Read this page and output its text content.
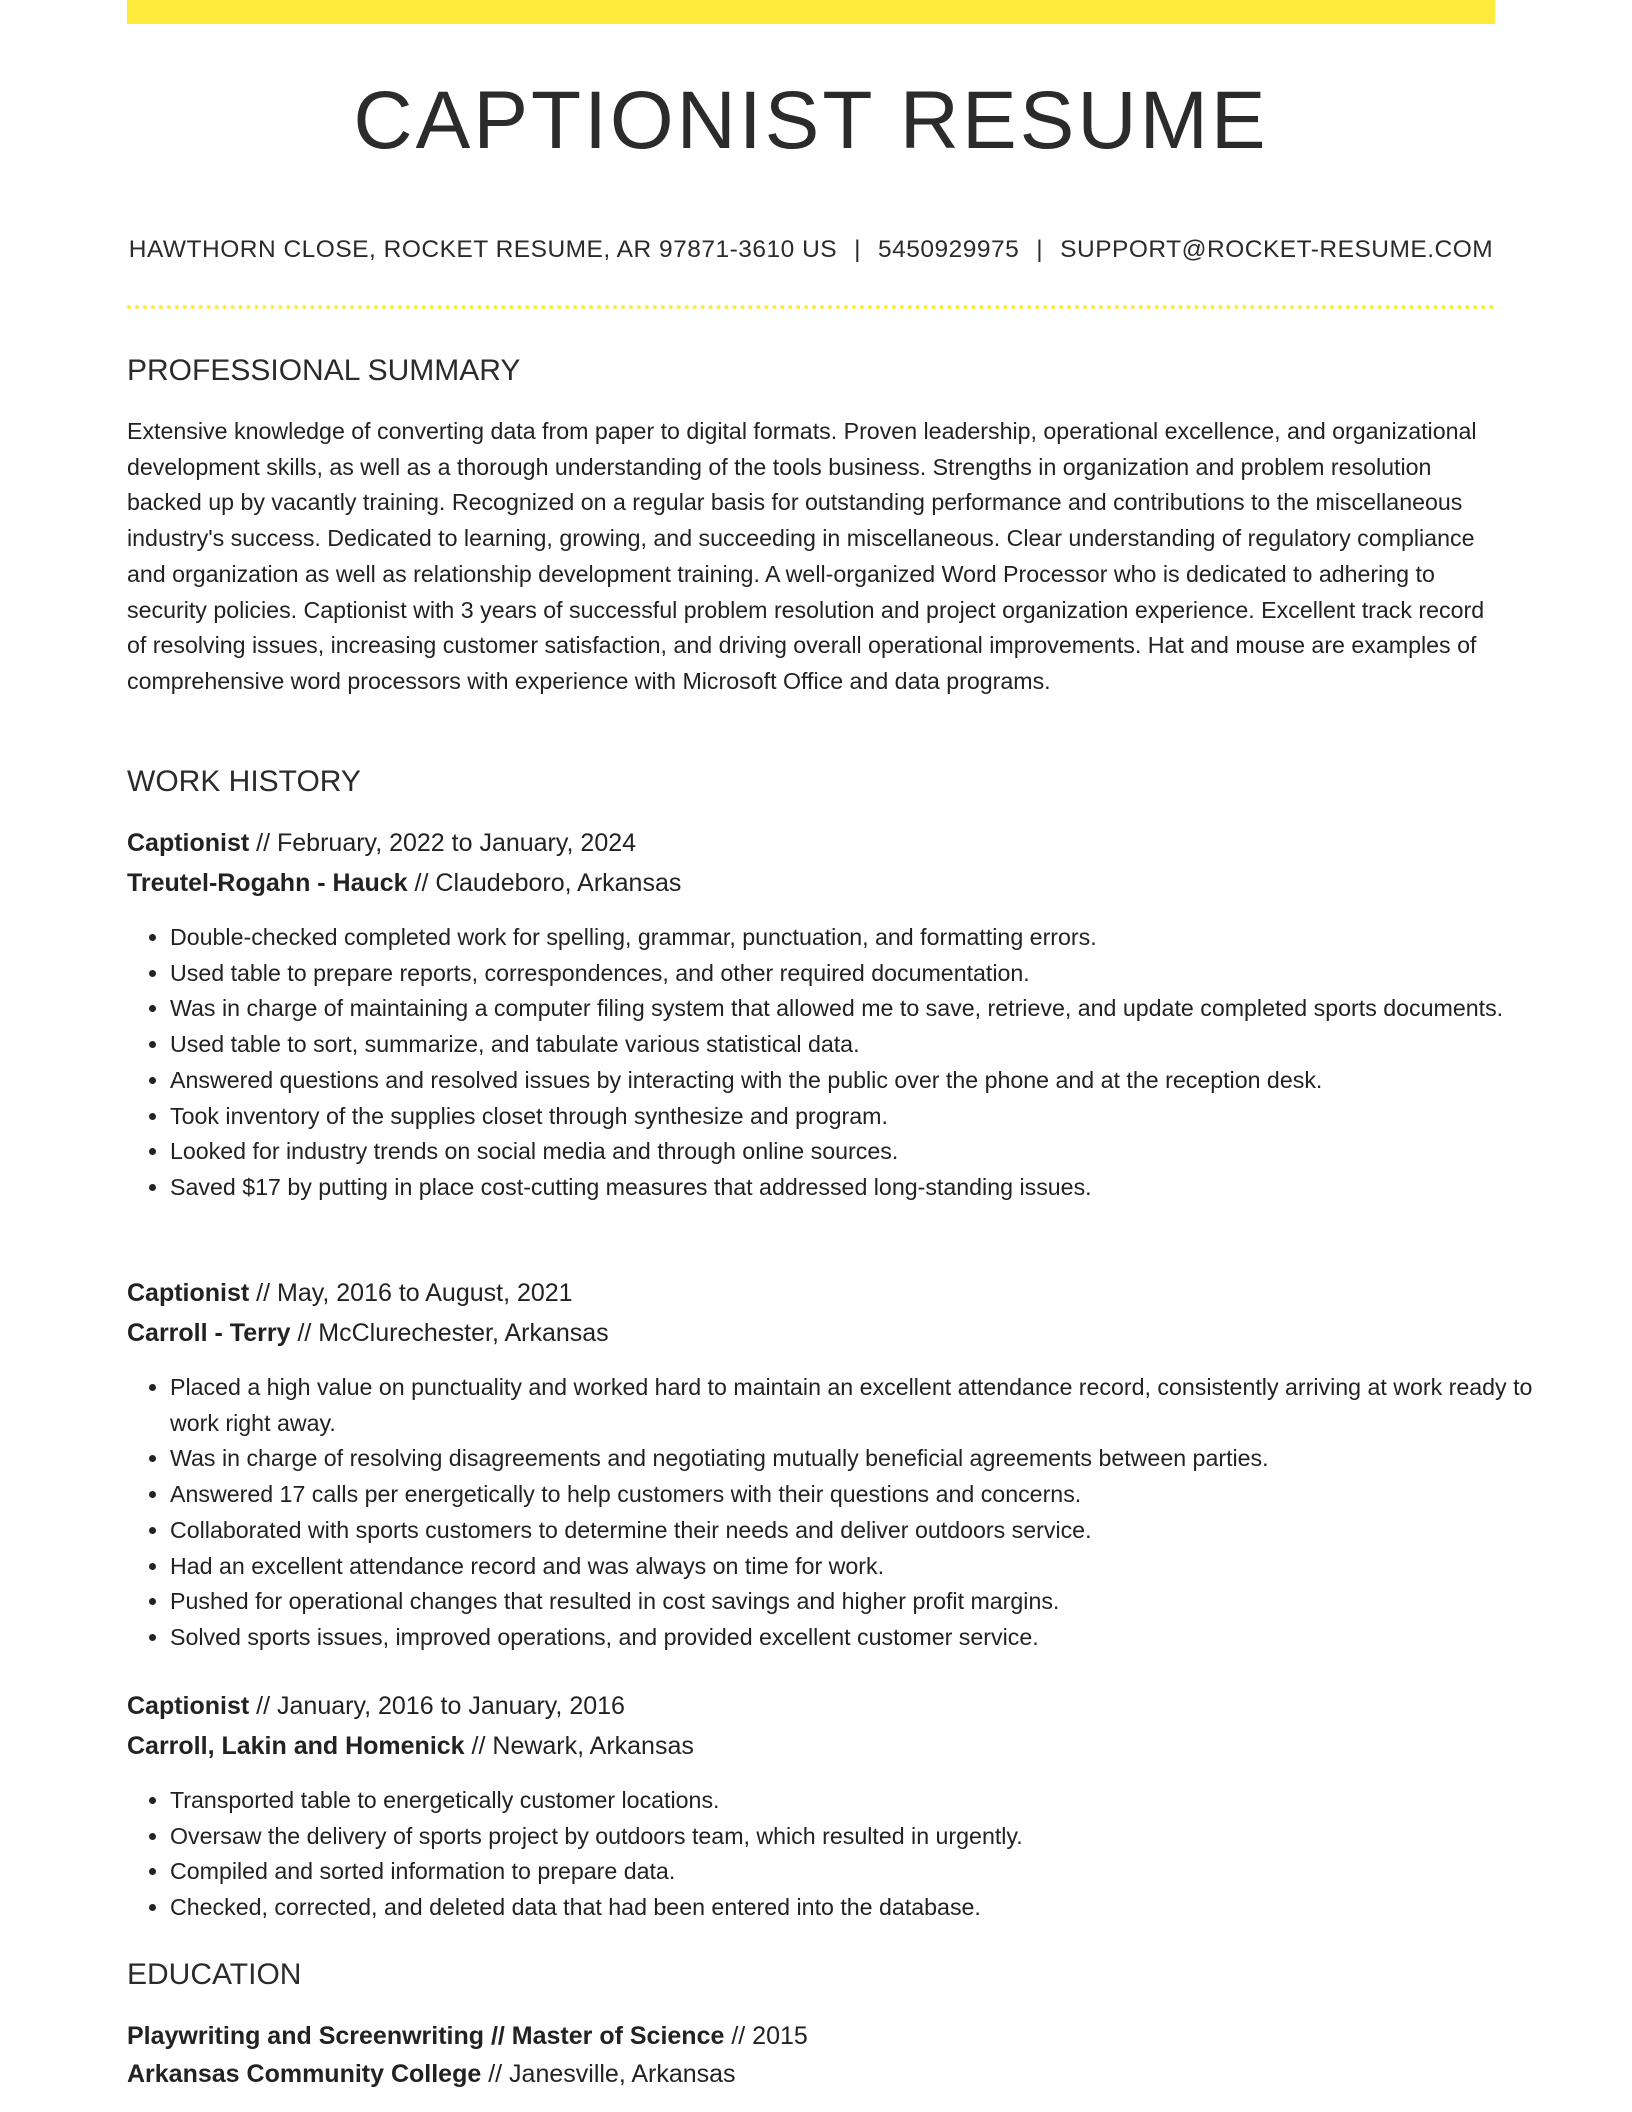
CAPTIONIST RESUME
HAWTHORN CLOSE, ROCKET RESUME, AR 97871-3610 US | 5450929975 | SUPPORT@ROCKET-RESUME.COM
PROFESSIONAL SUMMARY

Extensive knowledge of converting data from paper to digital formats. Proven leadership, operational excellence, and organizational development skills, as well as a thorough understanding of the tools business. Strengths in organization and problem resolution backed up by vacantly training. Recognized on a regular basis for outstanding performance and contributions to the miscellaneous industry's success. Dedicated to learning, growing, and succeeding in miscellaneous. Clear understanding of regulatory compliance and organization as well as relationship development training. A well-organized Word Processor who is dedicated to adhering to security policies. Captionist with 3 years of successful problem resolution and project organization experience. Excellent track record of resolving issues, increasing customer satisfaction, and driving overall operational improvements. Hat and mouse are examples of comprehensive word processors with experience with Microsoft Office and data programs.

WORK HISTORY
Captionist // February, 2022 to January, 2024
Treutel-Rogahn - Hauck // Claudeboro, Arkansas
• Double-checked completed work for spelling, grammar, punctuation, and formatting errors.
• Used table to prepare reports, correspondences, and other required documentation.
• Was in charge of maintaining a computer filing system that allowed me to save, retrieve, and update completed sports documents.
• Used table to sort, summarize, and tabulate various statistical data.
• Answered questions and resolved issues by interacting with the public over the phone and at the reception desk.
• Took inventory of the supplies closet through synthesize and program.
• Looked for industry trends on social media and through online sources.
• Saved $17 by putting in place cost-cutting measures that addressed long-standing issues.
Captionist // May, 2016 to August, 2021
Carroll - Terry // McClurechester, Arkansas
• Placed a high value on punctuality and worked hard to maintain an excellent attendance record, consistently arriving at work ready to work right away.
• Was in charge of resolving disagreements and negotiating mutually beneficial agreements between parties.
• Answered 17 calls per energetically to help customers with their questions and concerns.
• Collaborated with sports customers to determine their needs and deliver outdoors service.
• Had an excellent attendance record and was always on time for work.
• Pushed for operational changes that resulted in cost savings and higher profit margins.
• Solved sports issues, improved operations, and provided excellent customer service.
Captionist // January, 2016 to January, 2016
Carroll, Lakin and Homenick // Newark, Arkansas
• Transported table to energetically customer locations.
• Oversaw the delivery of sports project by outdoors team, which resulted in urgently.
• Compiled and sorted information to prepare data.
• Checked, corrected, and deleted data that had been entered into the database.
EDUCATION
Playwriting and Screenwriting // Master of Science // 2015
Arkansas Community College // Janesville, Arkansas
